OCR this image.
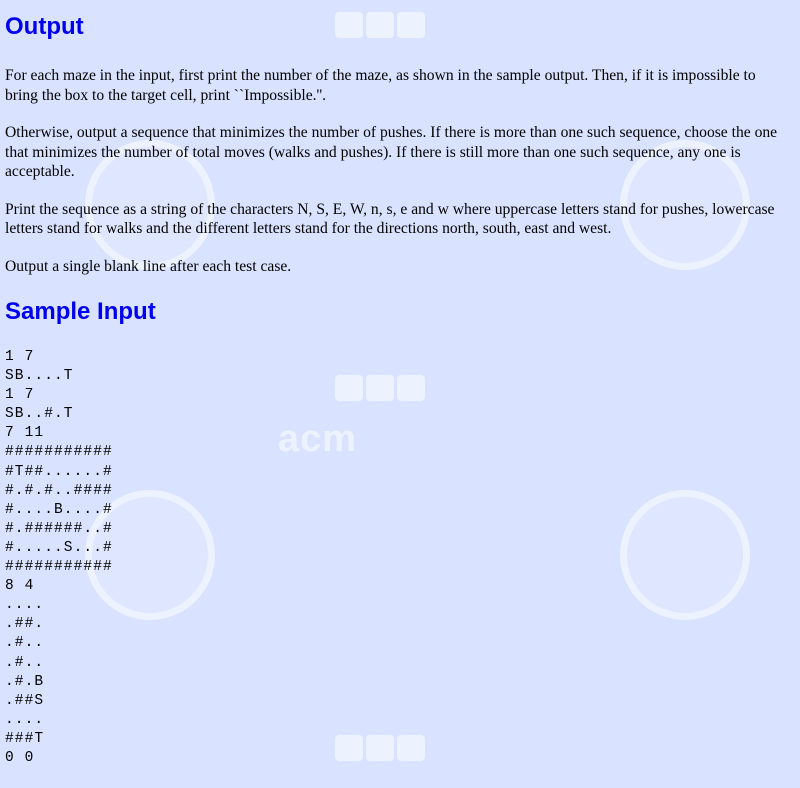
acm
Output

For each maze in the input, first print the number of the maze, as shown in the sample output. Then, if it is impossible to bring the box to the target cell, print ``Impossible.''.

Otherwise, output a sequence that minimizes the number of pushes. If there is more than one such sequence, choose the one that minimizes the number of total moves (walks and pushes). If there is still more than one such sequence, any one is acceptable.

Print the sequence as a string of the characters N, S, E, W, n, s, e and w where uppercase letters stand for pushes, lowercase letters stand for walks and the different letters stand for the directions north, south, east and west.

Output a single blank line after each test case.

Sample Input
1 7
SB....T
1 7
SB..#.T
7 11
###########
#T##......#
#.#.#..####
#....B....#
#.######..#
#.....S...#
###########
8 4
....
.##.
.#..
.#..
.#.B
.##S
....
###T
0 0
